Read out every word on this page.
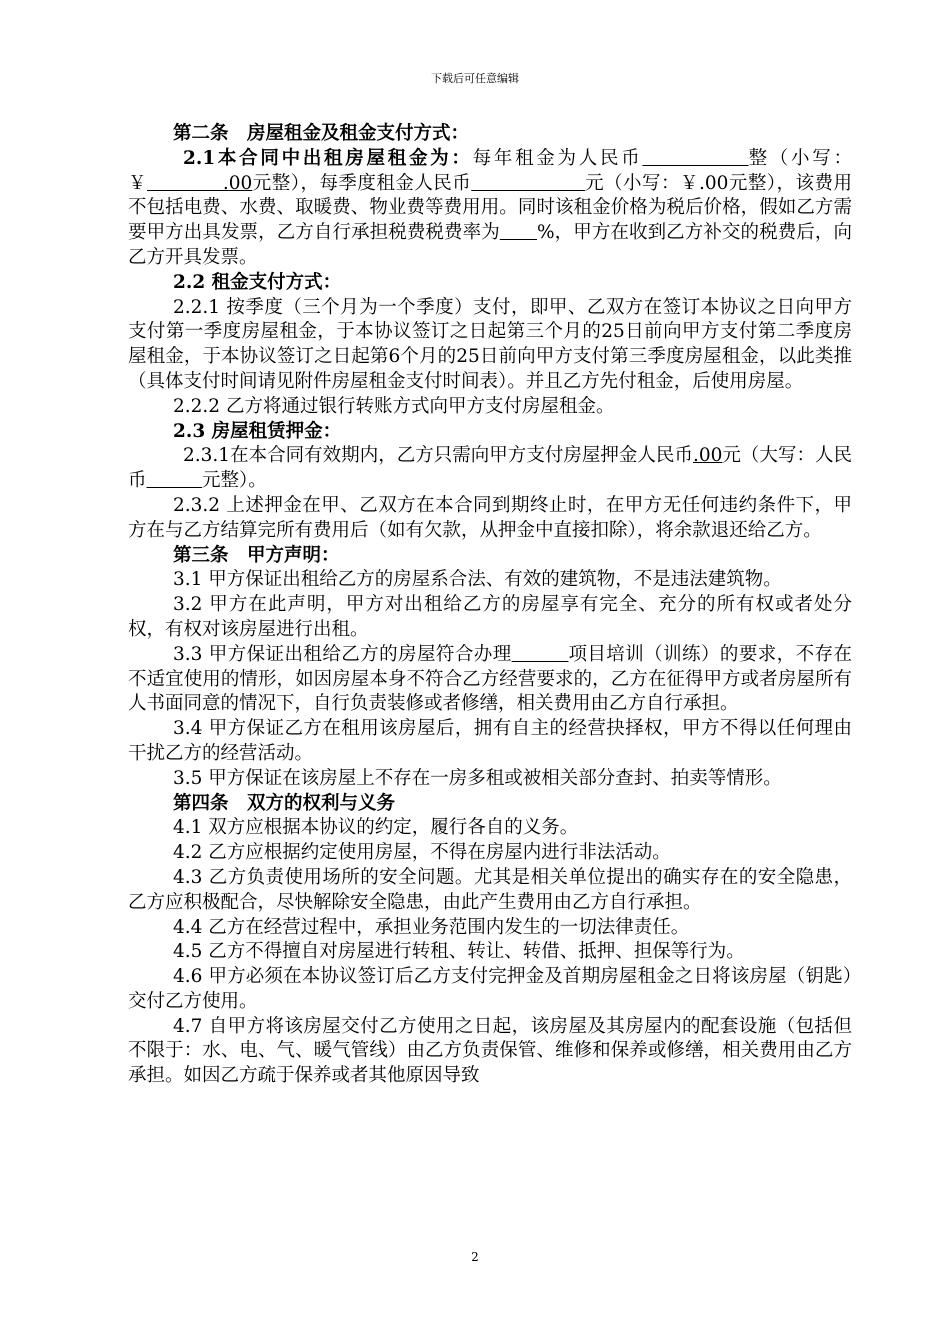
下载后可任意编辑

第二条　房屋租金及租金支付方式：

2.1本合同中出租房屋租金为：每年租金为人民币　　　　　	整（小写：￥　　　　.00元整），每季度租金人民币　　　　　　	元（小写：￥.00元整），该费用不包括电费、水费、取暖费、物业费等费用用。同时该租金价格为税后价格，假如乙方需要甲方出具发票，乙方自行承担税费税费率为　　 %，甲方在收到乙方补交的税费后，向乙方开具发票。

2.2 租金支付方式：

2.2.1 按季度（三个月为一个季度）支付，即甲、乙双方在签订本协议之日向甲方支付第一季度房屋租金，于本协议签订之日起第三个月的25日前向甲方支付第二季度房屋租金，于本协议签订之日起第6个月的25日前向甲方支付第三季度房屋租金，以此类推（具体支付时间请见附件房屋租金支付时间表）。并且乙方先付租金，后使用房屋。

2.2.2 乙方将通过银行转账方式向甲方支付房屋租金。

2.3 房屋租赁押金：

2.3.1在本合同有效期内，乙方只需向甲方支付房屋押金人民币.00元（大写：人民币　　　	元整）。

2.3.2 上述押金在甲、乙双方在本合同到期终止时，在甲方无任何违约条件下，甲方在与乙方结算完所有费用后（如有欠款，从押金中直接扣除），将余款退还给乙方。

第三条　甲方声明：

3.1 甲方保证出租给乙方的房屋系合法、有效的建筑物，不是违法建筑物。

3.2 甲方在此声明，甲方对出租给乙方的房屋享有完全、充分的所有权或者处分权，有权对该房屋进行出租。

3.3 甲方保证出租给乙方的房屋符合办理　　　	项目培训（训练）的要求，不存在不适宜使用的情形，如因房屋本身不符合乙方经营要求的，乙方在征得甲方或者房屋所有人书面同意的情况下，自行负责装修或者修缮，相关费用由乙方自行承担。

3.4 甲方保证乙方在租用该房屋后，拥有自主的经营抉择权，甲方不得以任何理由干扰乙方的经营活动。

3.5 甲方保证在该房屋上不存在一房多租或被相关部分查封、拍卖等情形。

第四条　双方的权利与义务

4.1 双方应根据本协议的约定，履行各自的义务。

4.2 乙方应根据约定使用房屋，不得在房屋内进行非法活动。

4.3 乙方负责使用场所的安全问题。尤其是相关单位提出的确实存在的安全隐患，乙方应积极配合，尽快解除安全隐患，由此产生费用由乙方自行承担。

4.4 乙方在经营过程中，承担业务范围内发生的一切法律责任。

4.5 乙方不得擅自对房屋进行转租、转让、转借、抵押、担保等行为。

4.6 甲方必须在本协议签订后乙方支付完押金及首期房屋租金之日将该房屋（钥匙）交付乙方使用。

4.7 自甲方将该房屋交付乙方使用之日起，该房屋及其房屋内的配套设施（包括但不限于：水、电、气、暖气管线）由乙方负责保管、维修和保养或修缮，相关费用由乙方承担。如因乙方疏于保养或者其他原因导致

2
